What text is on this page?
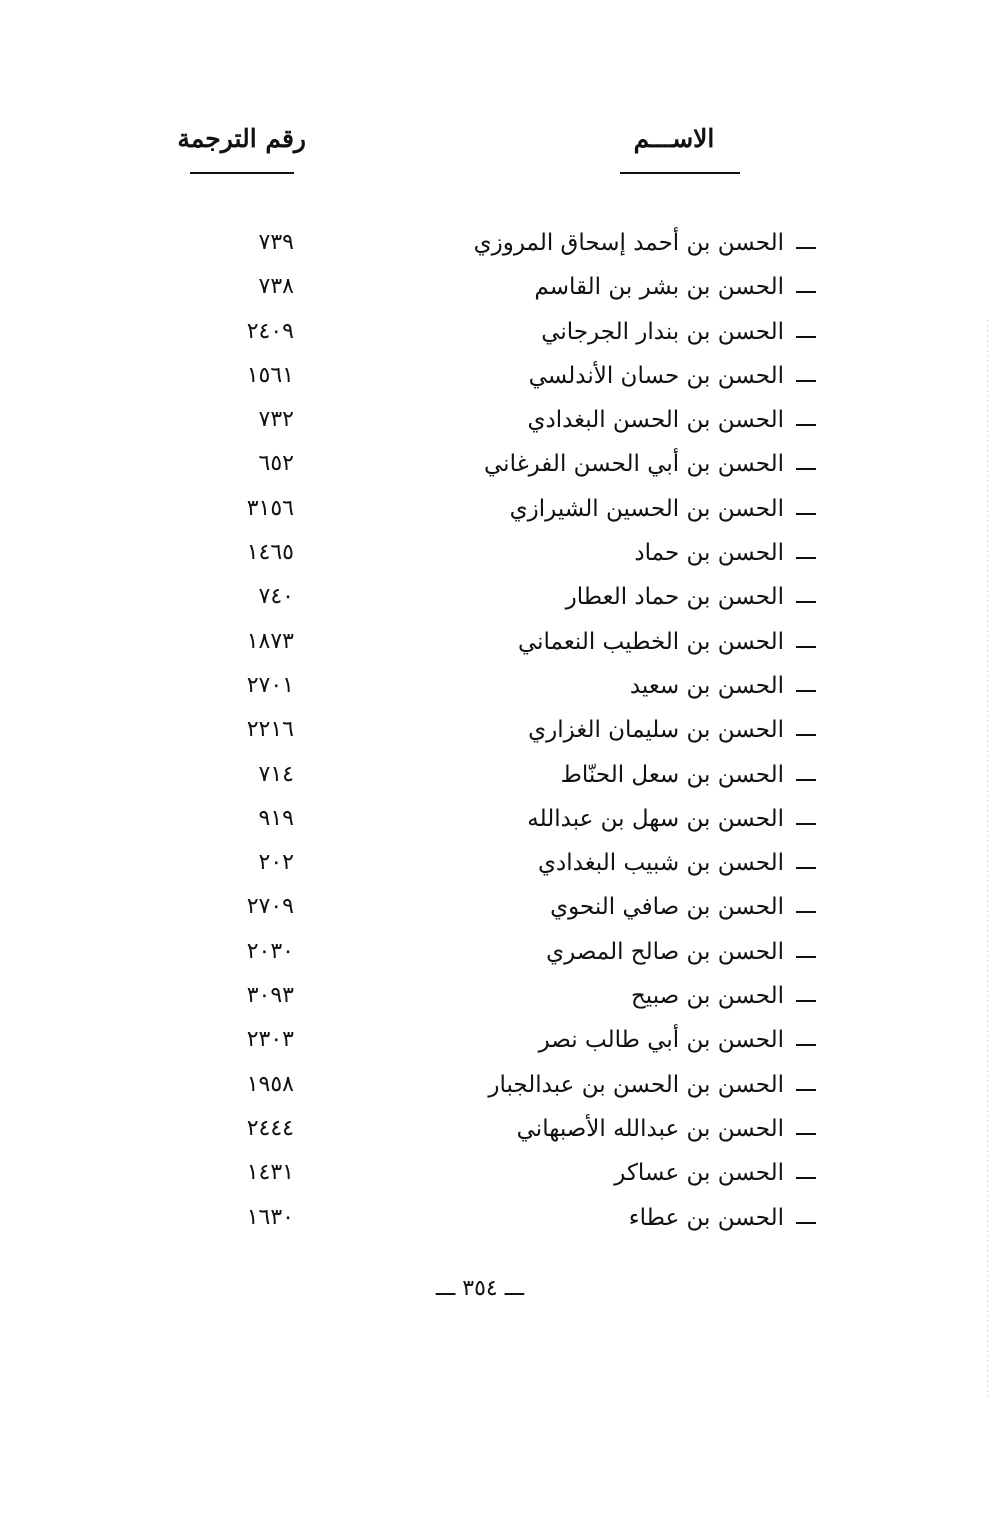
الاســـم
رقم الترجمة
الحسن بن أحمد إسحاق المروزي
٧٣٩
الحسن بن بشر بن القاسم
٧٣٨
الحسن بن بندار الجرجاني
٢٤٠٩
الحسن بن حسان الأندلسي
١٥٦١
الحسن بن الحسن البغدادي
٧٣٢
الحسن بن أبي الحسن الفرغاني
٦٥٢
الحسن بن الحسين الشيرازي
٣١٥٦
الحسن بن حماد
١٤٦٥
الحسن بن حماد العطار
٧٤٠
الحسن بن الخطيب النعماني
١٨٧٣
الحسن بن سعيد
٢٧٠١
الحسن بن سليمان الغزاري
٢٢١٦
الحسن بن سعل الحنّاط
٧١٤
الحسن بن سهل بن عبدالله
٩١٩
الحسن بن شبيب البغدادي
٢٠٢
الحسن بن صافي النحوي
٢٧٠٩
الحسن بن صالح المصري
٢٠٣٠
الحسن بن صبيح
٣٠٩٣
الحسن بن أبي طالب نصر
٢٣٠٣
الحسن بن الحسن بن عبدالجبار
١٩٥٨
الحسن بن عبدالله الأصبهاني
٢٤٤٤
الحسن بن عساكر
١٤٣١
الحسن بن عطاء
١٦٣٠
ـــ ٣٥٤ ـــ
